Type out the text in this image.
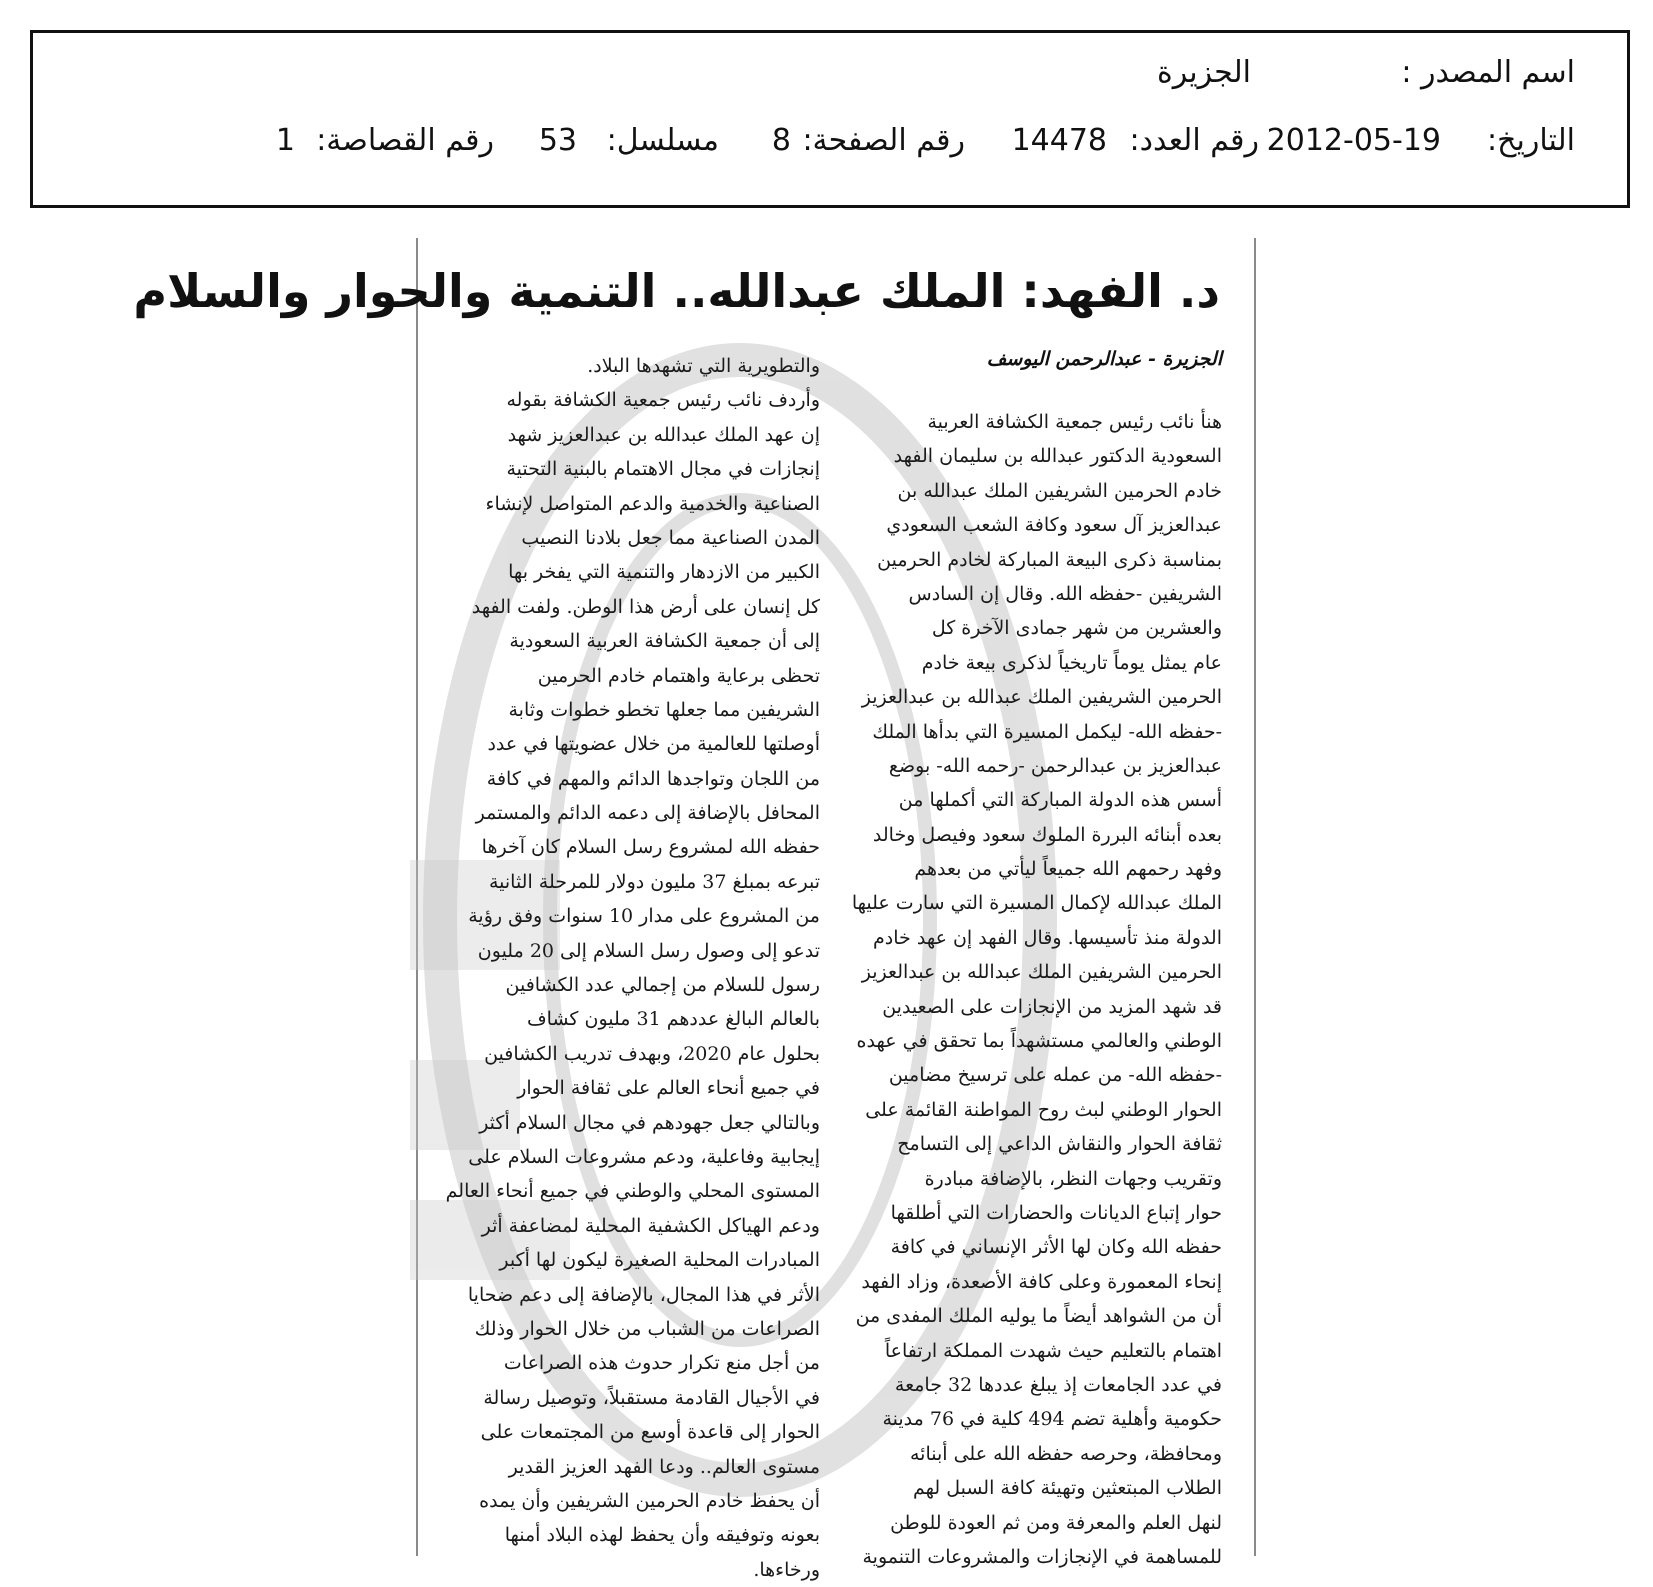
اسم المصدر :
الجزيرة
التاريخ:
2012-05-19
رقم العدد:
14478
رقم الصفحة:
8
مسلسل:
53
رقم القصاصة:
1
د. الفهد: الملك عبدالله.. التنمية والحوار والسلام
الجزيرة - عبدالرحمن اليوسف
هنأ نائب رئيس جمعية الكشافة العربية
السعودية الدكتور عبدالله بن سليمان الفهد
خادم الحرمين الشريفين الملك عبدالله بن
عبدالعزيز آل سعود وكافة الشعب السعودي
بمناسبة ذكرى البيعة المباركة لخادم الحرمين
الشريفين -حفظه الله. وقال إن السادس
والعشرين من شهر جمادى الآخرة كل
عام يمثل يوماً تاريخياً لذكرى بيعة خادم
الحرمين الشريفين الملك عبدالله بن عبدالعزيز
-حفظه الله- ليكمل المسيرة التي بدأها الملك
عبدالعزيز بن عبدالرحمن -رحمه الله- بوضع
أسس هذه الدولة المباركة التي أكملها من
بعده أبنائه البررة الملوك سعود وفيصل وخالد
وفهد رحمهم الله جميعاً ليأتي من بعدهم
الملك عبدالله لإكمال المسيرة التي سارت عليها
الدولة منذ تأسيسها. وقال الفهد إن عهد خادم
الحرمين الشريفين الملك عبدالله بن عبدالعزيز
قد شهد المزيد من الإنجازات على الصعيدين
الوطني والعالمي مستشهداً بما تحقق في عهده
-حفظه الله- من عمله على ترسيخ مضامين
الحوار الوطني لبث روح المواطنة القائمة على
ثقافة الحوار والنقاش الداعي إلى التسامح
وتقريب وجهات النظر، بالإضافة مبادرة
حوار إتباع الديانات والحضارات التي أطلقها
حفظه الله وكان لها الأثر الإنساني في كافة
إنحاء المعمورة وعلى كافة الأصعدة، وزاد الفهد
أن من الشواهد أيضاً ما يوليه الملك المفدى من
اهتمام بالتعليم حيث شهدت المملكة ارتفاعاً
في عدد الجامعات إذ يبلغ عددها 32 جامعة
حكومية وأهلية تضم 494 كلية في 76 مدينة
ومحافظة، وحرصه حفظه الله على أبنائه
الطلاب المبتعثين وتهيئة كافة السبل لهم
لنهل العلم والمعرفة ومن ثم العودة للوطن
للمساهمة في الإنجازات والمشروعات التنموية
والتطويرية التي تشهدها البلاد.
وأردف نائب رئيس جمعية الكشافة بقوله
إن عهد الملك عبدالله بن عبدالعزيز شهد
إنجازات في مجال الاهتمام بالبنية التحتية
الصناعية والخدمية والدعم المتواصل لإنشاء
المدن الصناعية مما جعل بلادنا النصيب
الكبير من الازدهار والتنمية التي يفخر بها
كل إنسان على أرض هذا الوطن. ولفت الفهد
إلى أن جمعية الكشافة العربية السعودية
تحظى برعاية واهتمام خادم الحرمين
الشريفين مما جعلها تخطو خطوات وثابة
أوصلتها للعالمية من خلال عضويتها في عدد
من اللجان وتواجدها الدائم والمهم في كافة
المحافل بالإضافة إلى دعمه الدائم والمستمر
حفظه الله لمشروع رسل السلام كان آخرها
تبرعه بمبلغ 37 مليون دولار للمرحلة الثانية
من المشروع على مدار 10 سنوات وفق رؤية
تدعو إلى وصول رسل السلام إلى 20 مليون
رسول للسلام من إجمالي عدد الكشافين
بالعالم البالغ عددهم 31 مليون كشاف
بحلول عام 2020، وبهدف تدريب الكشافين
في جميع أنحاء العالم على ثقافة الحوار
وبالتالي جعل جهودهم في مجال السلام أكثر
إيجابية وفاعلية، ودعم مشروعات السلام على
المستوى المحلي والوطني في جميع أنحاء العالم
ودعم الهياكل الكشفية المحلية لمضاعفة أثر
المبادرات المحلية الصغيرة ليكون لها أكبر
الأثر في هذا المجال، بالإضافة إلى دعم ضحايا
الصراعات من الشباب من خلال الحوار وذلك
من أجل منع تكرار حدوث هذه الصراعات
في الأجيال القادمة مستقبلاً، وتوصيل رسالة
الحوار إلى قاعدة أوسع من المجتمعات على
مستوى العالم.. ودعا الفهد العزيز القدير
أن يحفظ خادم الحرمين الشريفين وأن يمده
بعونه وتوفيقه وأن يحفظ لهذه البلاد أمنها
ورخاءها.
